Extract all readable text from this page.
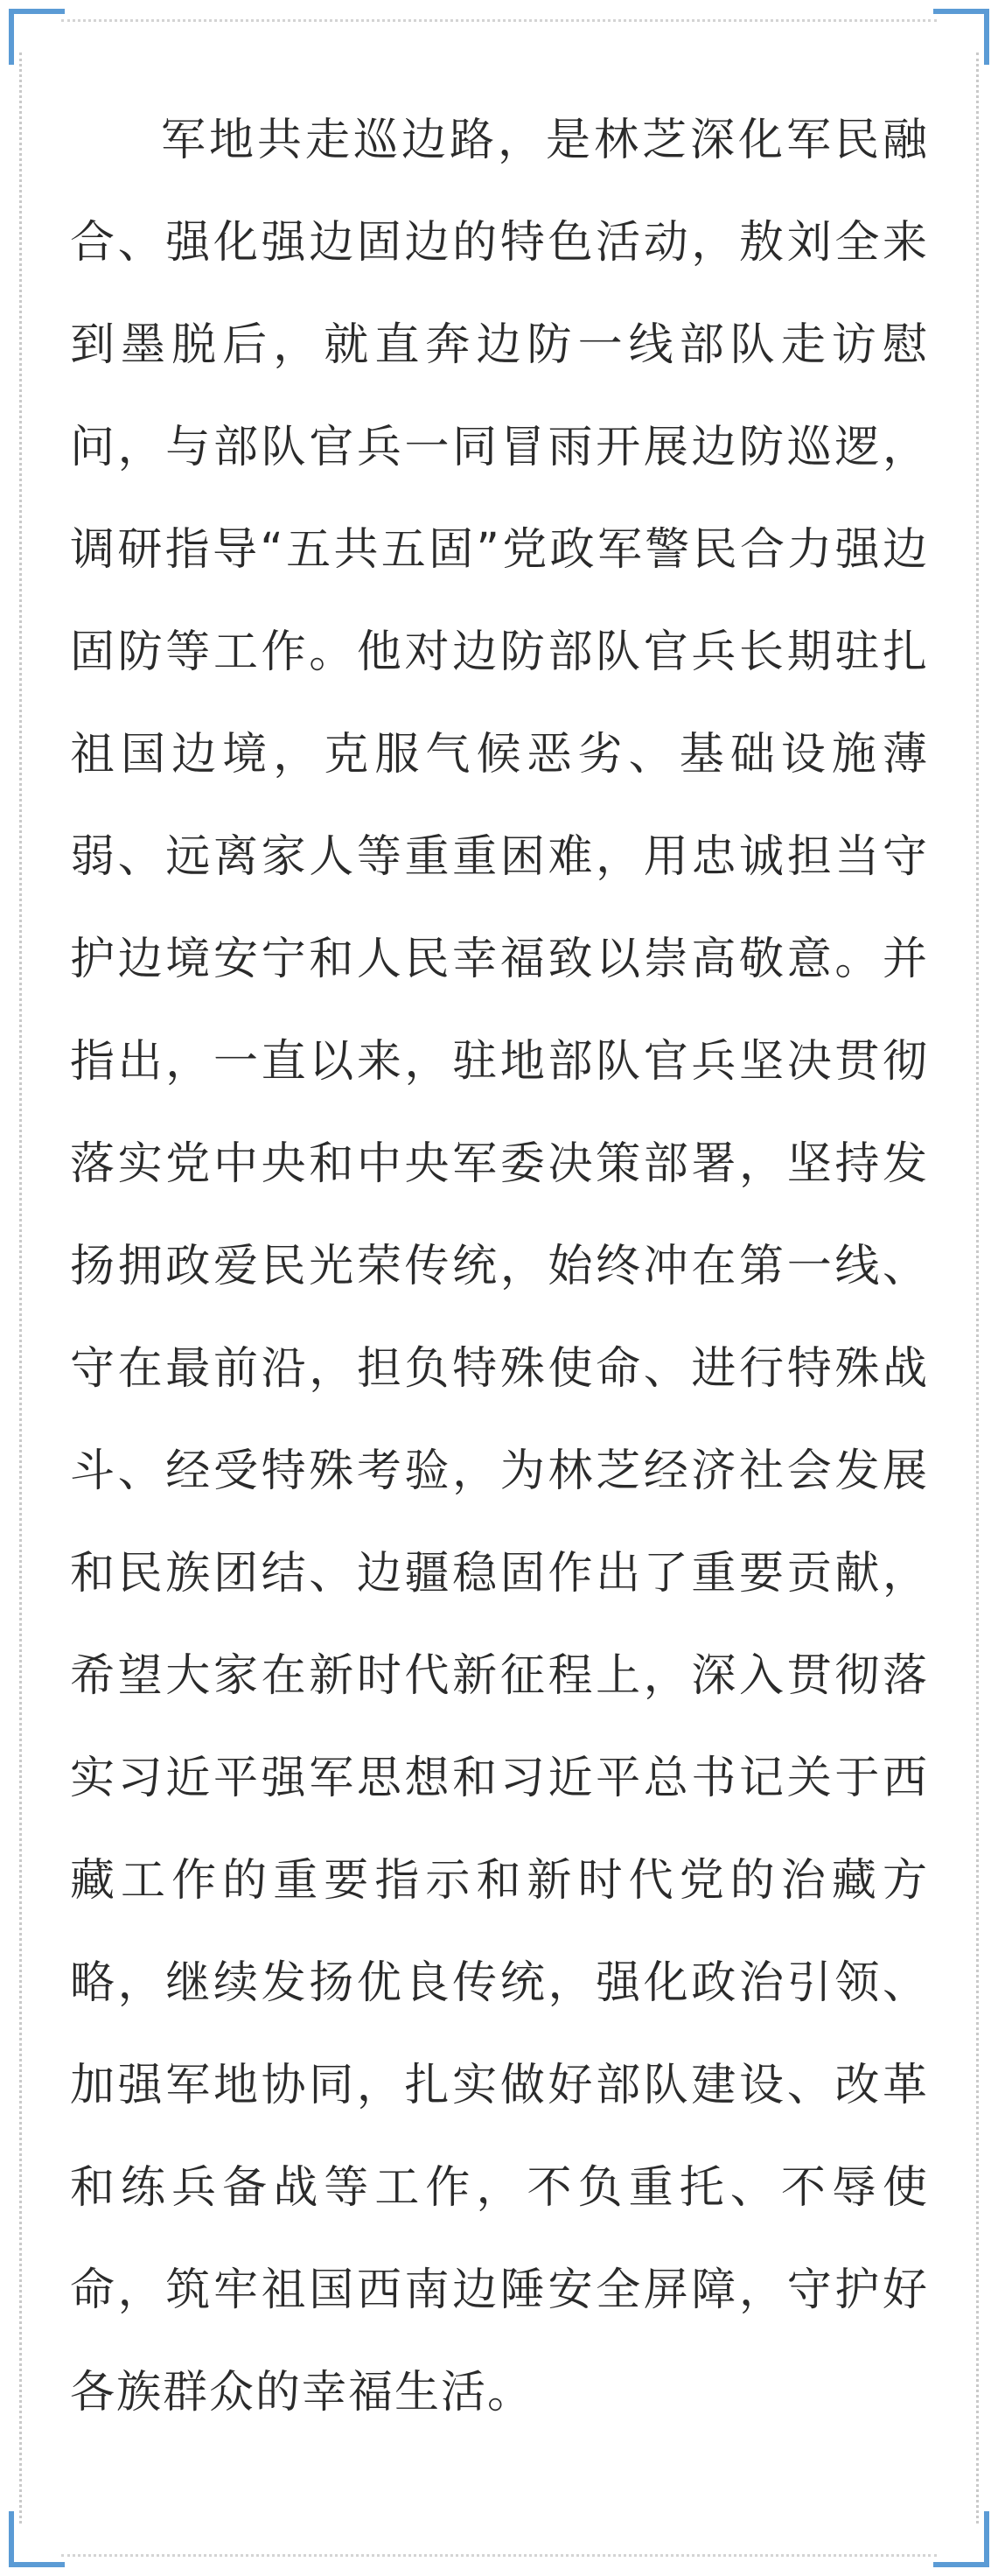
军地共走巡边路，是林芝深化军民融合、强化强边固边的特色活动，敖刘全来到墨脱后，就直奔边防一线部队走访慰问，与部队官兵一同冒雨开展边防巡逻，调研指导“五共五固”党政军警民合力强边固防等工作。他对边防部队官兵长期驻扎祖国边境，克服气候恶劣、基础设施薄弱、远离家人等重重困难，用忠诚担当守护边境安宁和人民幸福致以崇高敬意。并指出，一直以来，驻地部队官兵坚决贯彻落实党中央和中央军委决策部署，坚持发扬拥政爱民光荣传统，始终冲在第一线、守在最前沿，担负特殊使命、进行特殊战斗、经受特殊考验，为林芝经济社会发展和民族团结、边疆稳固作出了重要贡献，希望大家在新时代新征程上，深入贯彻落实习近平强军思想和习近平总书记关于西藏工作的重要指示和新时代党的治藏方略，继续发扬优良传统，强化政治引领、加强军地协同，扎实做好部队建设、改革和练兵备战等工作，不负重托、不辱使命，筑牢祖国西南边陲安全屏障，守护好各族群众的幸福生活。
